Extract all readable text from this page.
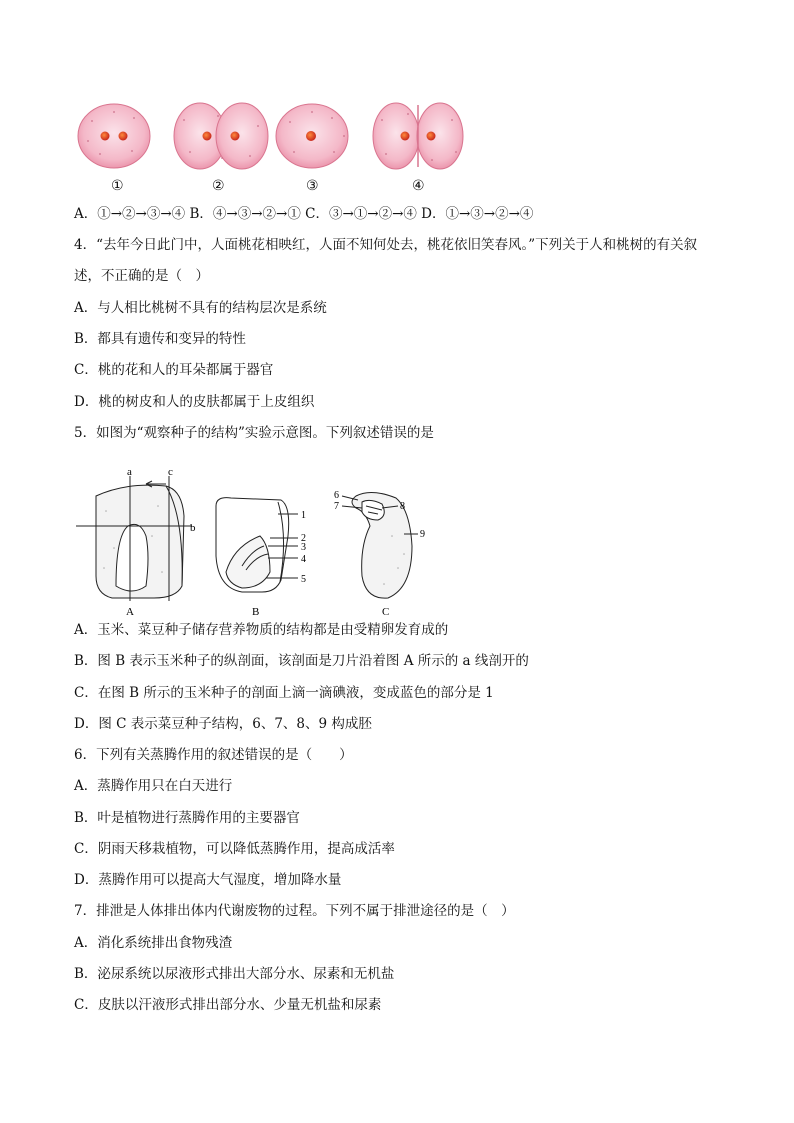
①	②	③	④
A．①→②→③→④ B．④→③→②→① C．③→①→②→④ D．①→③→②→④
4．“去年今日此门中，人面桃花相映红，人面不知何处去，桃花依旧笑春风。”下列关于人和桃树的有关叙
述，不正确的是（　）
A．与人相比桃树不具有的结构层次是系统
B．都具有遗传和变异的特性
C．桃的花和人的耳朵都属于器官
D．桃的树皮和人的皮肤都属于上皮组织
5．如图为“观察种子的结构”实验示意图。下列叙述错误的是
a	c
b
A
1
2
3
4
5
B
6
7	8
9
C
A．玉米、菜豆种子储存营养物质的结构都是由受精卵发育成的
B．图 B 表示玉米种子的纵剖面，该剖面是刀片沿着图 A 所示的 a 线剖开的
C．在图 B 所示的玉米种子的剖面上滴一滴碘液，变成蓝色的部分是 1
D．图 C 表示菜豆种子结构，6、7、8、9 构成胚
6．下列有关蒸腾作用的叙述错误的是（　　）
A．蒸腾作用只在白天进行
B．叶是植物进行蒸腾作用的主要器官
C．阴雨天移栽植物，可以降低蒸腾作用，提高成活率
D．蒸腾作用可以提高大气湿度，增加降水量
7．排泄是人体排出体内代谢废物的过程。下列不属于排泄途径的是（　）
A．消化系统排出食物残渣
B．泌尿系统以尿液形式排出大部分水、尿素和无机盐
C．皮肤以汗液形式排出部分水、少量无机盐和尿素
